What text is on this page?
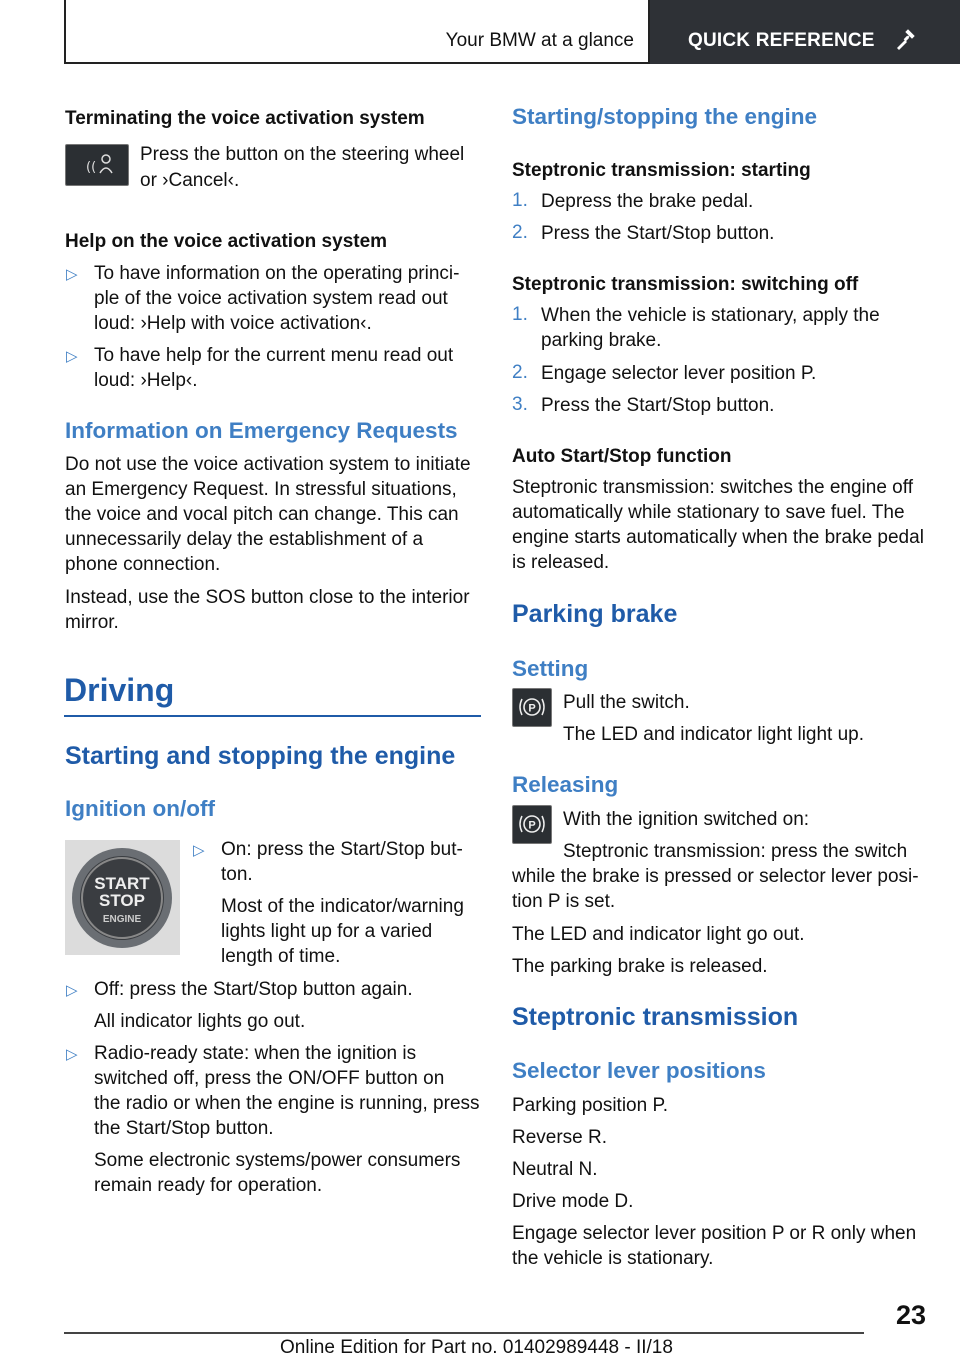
Your BMW at a glance	QUICK REFERENCE
Terminating the voice activation system
((

Press the button on the steering wheel

or ›Cancel‹.

Help on the voice activation system
▷ To have information on the operating princi-

ple of the voice activation system read out

loud: ›Help with voice activation‹.

▷ To have help for the current menu read out

loud: ›Help‹.

Information on Emergency Requests

Do not use the voice activation system to initiate

an Emergency Request. In stressful situations,

the voice and vocal pitch can change. This can

unnecessarily delay the establishment of a

phone connection.

Instead, use the SOS button close to the interior

mirror.

Driving
Starting and stopping the engine
Ignition on/off
START
STOP
ENGINE
▷ On: press the Start/Stop but-

ton.

Most of the indicator/warning

lights light up for a varied

length of time.

▷ Off: press the Start/Stop button again.

All indicator lights go out.

▷ Radio-ready state: when the ignition is

switched off, press the ON/OFF button on

the radio or when the engine is running, press

the Start/Stop button.

Some electronic systems/power consumers

remain ready for operation.

Starting/stopping the engine
Steptronic transmission: starting
1. Depress the brake pedal.

2. Press the Start/Stop button.

Steptronic transmission: switching off
1. When the vehicle is stationary, apply the

parking brake.

2. Engage selector lever position P.

3. Press the Start/Stop button.

Auto Start/Stop function

Steptronic transmission: switches the engine off

automatically while stationary to save fuel. The

engine starts automatically when the brake pedal

is released.

Parking brake
Setting
P Pull the switch.

The LED and indicator light light up.

Releasing
P With the ignition switched on:

Steptronic transmission: press the switch

while the brake is pressed or selector lever posi-

tion P is set.

The LED and indicator light go out.

The parking brake is released.

Steptronic transmission
Selector lever positions

Parking position P.

Reverse R.

Neutral N.

Drive mode D.

Engage selector lever position P or R only when

the vehicle is stationary.

23
Online Edition for Part no. 01402989448 - II/18
